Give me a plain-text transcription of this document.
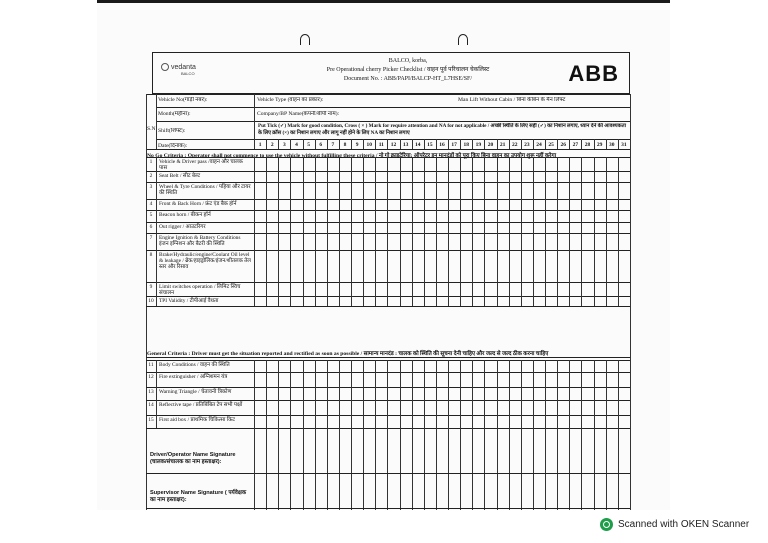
vedanta
BALCO
BALCO, korba,
Pre Operational cherry Picker Checklist / वाहन पूर्व परिचालन चेकलिस्ट
Document No. : ABB/PAPI/BALCP-HT_L7HSE/SF/	ABB
Vehicle No(गाड़ी नंबर):	Vehicle Type (वाहन का प्रकार):	Man Lift Without Cabin / बिना केबिन के मैन लिफ्ट
Month(महीना):	Company/BP Name(कंपनी/बीपी नाम):
S.N Shift(शिफ्ट):
Put Tick (✓) Mark for good condition, Cross ( × ) Mark for require attention and NA for not applicable / अच्छी स्थिति के लिए सही (✓) का निशान लगाए, ध्यान देने की आवश्यकता के लिए क्रॉस (×) का निशान लगाए और लागू नहीं होने के लिए NA का निशान लगाए
Date(दिनांक):	1	2	3	4	5	6	7	8	9	10	11	12	13	14	15	16	17	18	19	20	21	22	23	24	25	26	27	28	29	30	31
No Go Criteria : Operator shall not commence to use the vehicle without fulfilling these criteria / नो गो क्राइटेरिया: ऑपरेटर इन मानदंडों को पूरा किए बिना वाहन का उपयोग शुरू नहीं करेगा
1	Vehicle & Driver pass /वाहन और चालक पास
2	Seat Belt / सीट बेल्ट
3	Wheel & Tyre Conditions / पहिया और टायर की स्थिति
4	Front & Back Horn / फ्रंट एंड बैक हॉर्न
5	Beacon horn / बीकन हॉर्न
6	Out rigger / आउटरिगर
7	Engine Ignition & Battery Conditions इंजन इग्निशन और बैटरी की स्थिति
8	Brake/Hydraulic/engine/Coolant Oil level & leakage / ब्रेक/हाइड्रोलिक/इंजन/शीतलक तेल स्तर और रिसाव
9	Limit switches operation / लिमिट स्विच संचालन
10 TPI Validity / टीपीआई वैधता
General Criteria : Driver must get the situation reported and rectified as soon as possible / सामान्य मानदंड : चालक को स्थिति की सूचना देनी चाहिए और जल्द से जल्द ठीक करना चाहिए
11 Body Conditions / वाहन की स्थिति
12 Fire extinguisher / अग्निशमन यंत्र
13 Warning Triangle / चेतावनी त्रिकोण
14 Reflective tape / प्रतिबिंबित टेप सभी पक्षों
15 First aid box / प्राथमिक चिकित्सा किट
Driver/Operator Name Signature (चालक/संचालक का नाम हस्ताक्षर):
Supervisor Name Signature ( पर्यवेक्षक का नाम हस्ताक्षर):
Scanned with OKEN Scanner
